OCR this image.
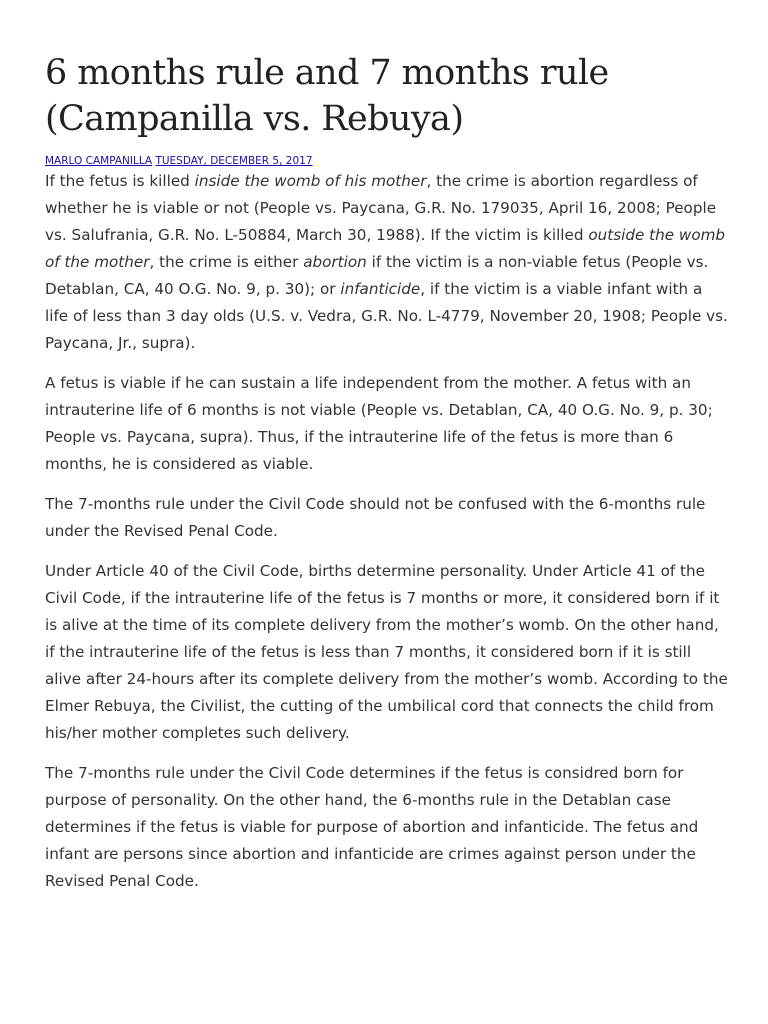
6 months rule and 7 months rule
(Campanilla vs. Rebuya)
MARLO CAMPANILLA TUESDAY, DECEMBER 5, 2017

If the fetus is killed inside the womb of his mother, the crime is abortion regardless of whether he is viable or not (People vs. Paycana, G.R. No. 179035, April 16, 2008; People vs. Salufrania, G.R. No. L-50884, March 30, 1988). If the victim is killed outside the womb of the mother, the crime is either abortion if the victim is a non-viable fetus (People vs. Detablan, CA, 40 O.G. No. 9, p. 30); or infanticide, if the victim is a viable infant with a life of less than 3 day olds (U.S. v. Vedra, G.R. No. L-4779, November 20, 1908; People vs. Paycana, Jr., supra).

A fetus is viable if he can sustain a life independent from the mother. A fetus with an intrauterine life of 6 months is not viable (People vs. Detablan, CA, 40 O.G. No. 9, p. 30; People vs. Paycana, supra). Thus, if the intrauterine life of the fetus is more than 6 months, he is considered as viable.

The 7-months rule under the Civil Code should not be confused with the 6-months rule under the Revised Penal Code.

Under Article 40 of the Civil Code, births determine personality. Under Article 41 of the Civil Code, if the intrauterine life of the fetus is 7 months or more, it considered born if it is alive at the time of its complete delivery from the mother’s womb. On the other hand, if the intrauterine life of the fetus is less than 7 months, it considered born if it is still alive after 24-hours after its complete delivery from the mother’s womb. According to the Elmer Rebuya, the Civilist, the cutting of the umbilical cord that connects the child from his/her mother completes such delivery.

The 7-months rule under the Civil Code determines if the fetus is considred born for purpose of personality. On the other hand, the 6-months rule in the Detablan case determines if the fetus is viable for purpose of abortion and infanticide. The fetus and infant are persons since abortion and infanticide are crimes against person under the Revised Penal Code.
